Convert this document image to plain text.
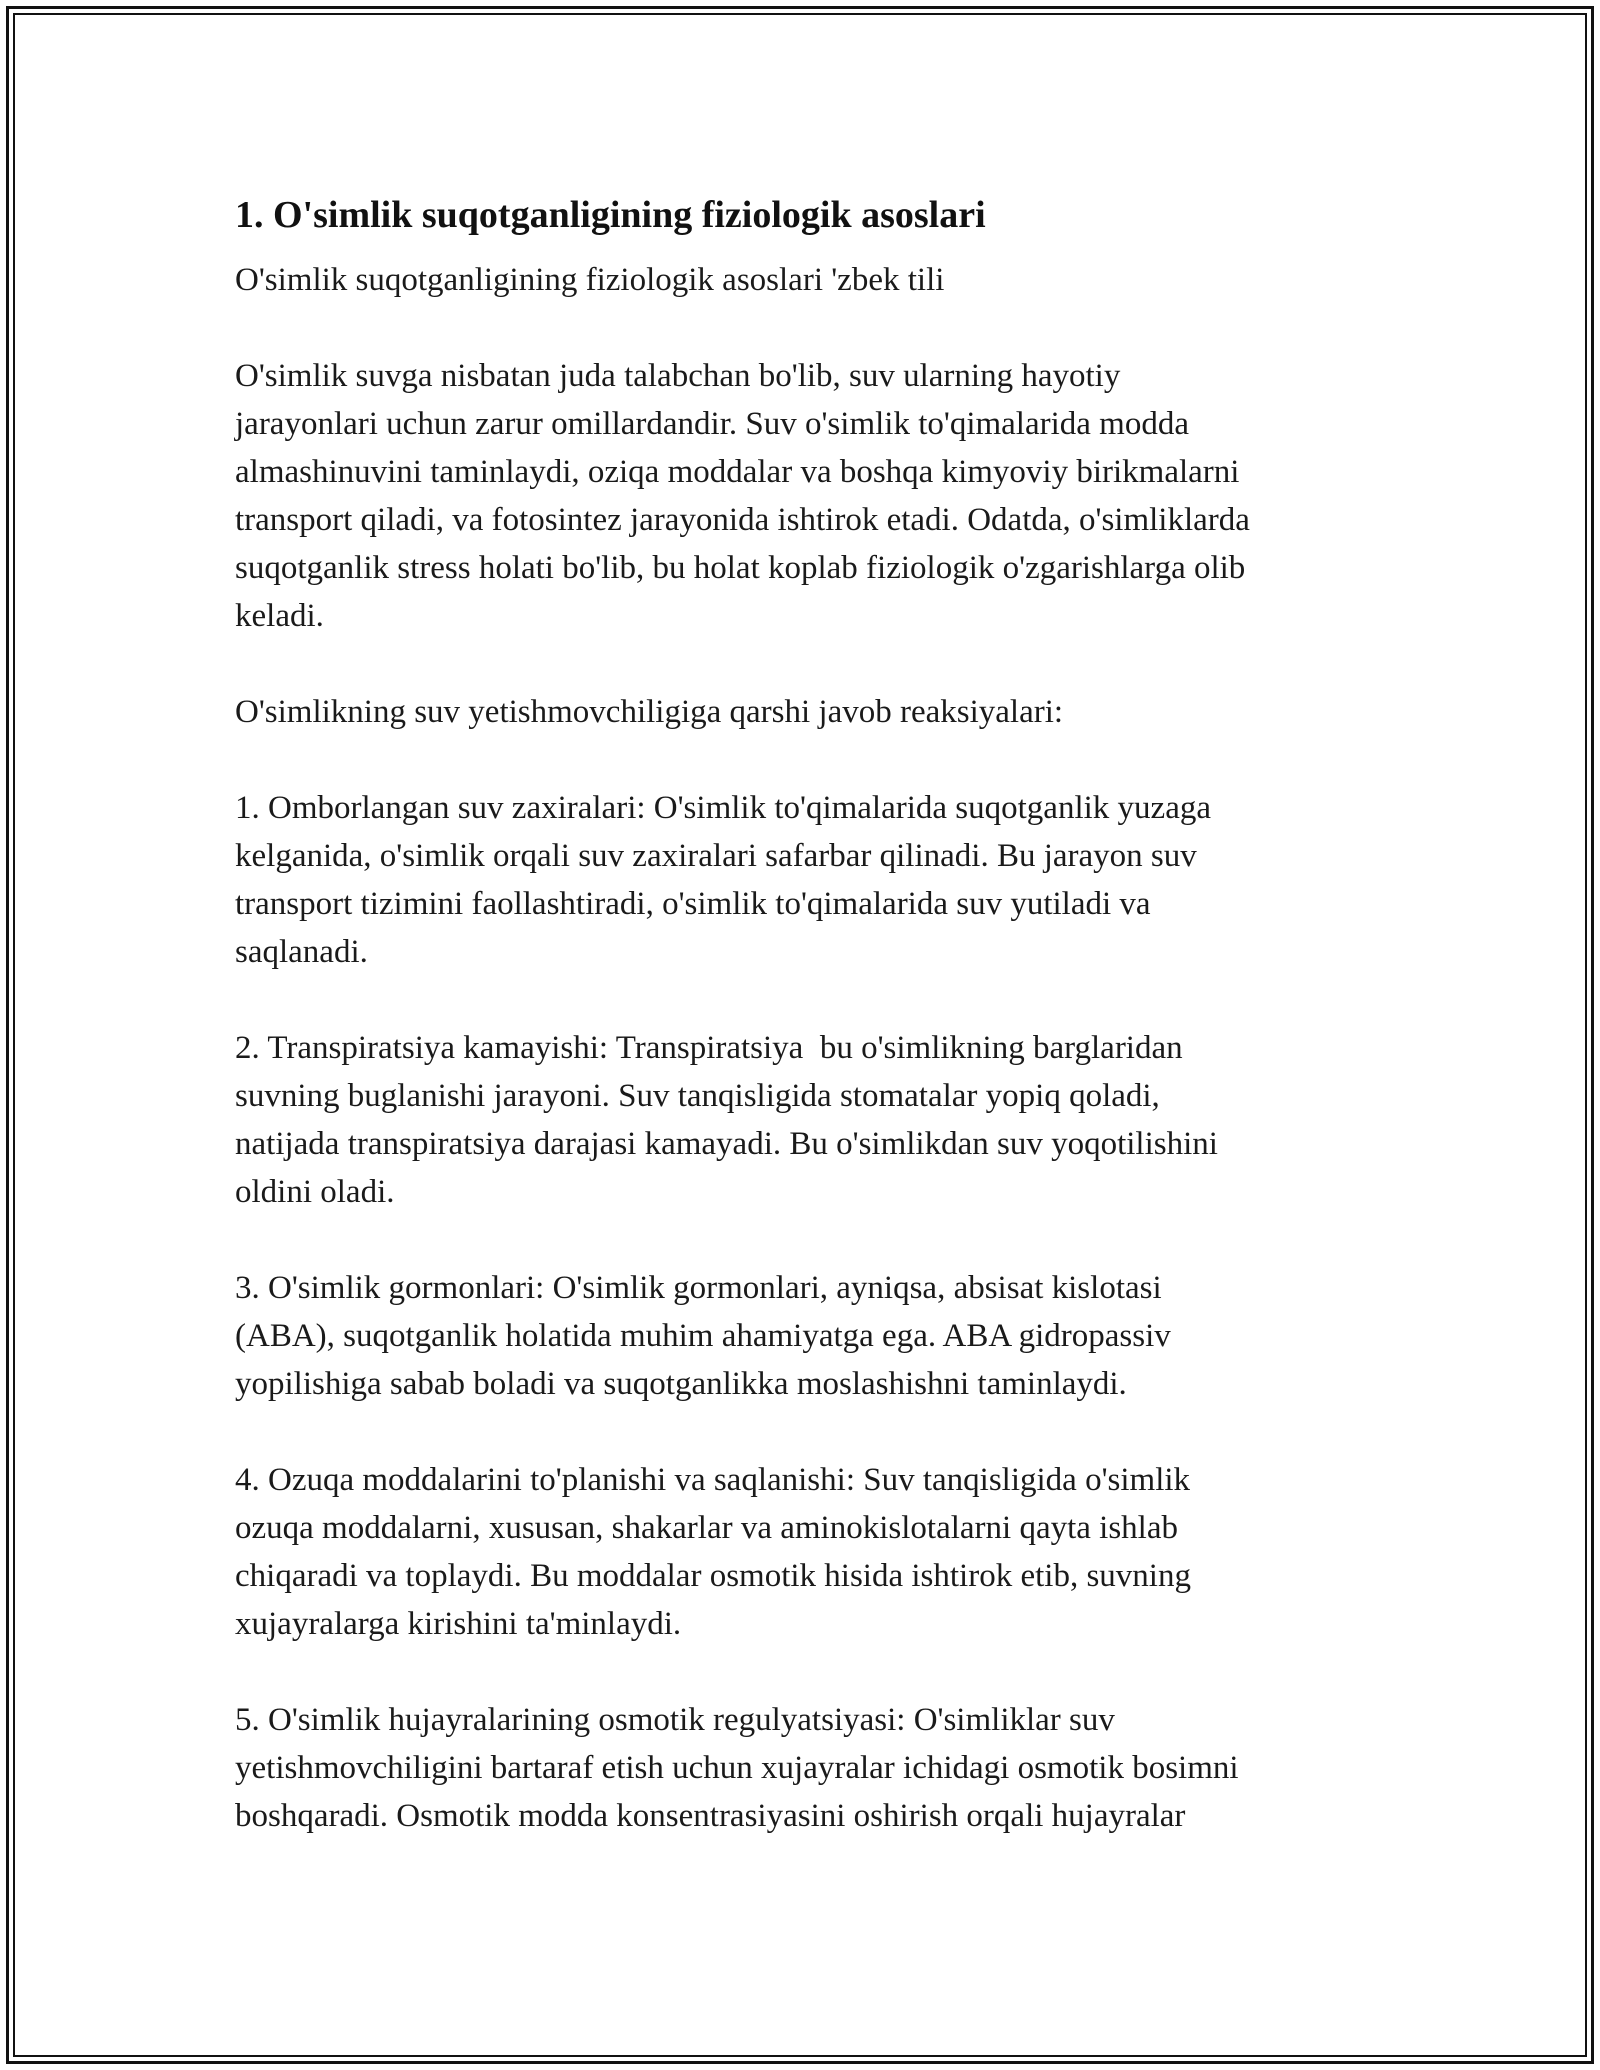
1. O'simlik suqotganligining fiziologik asoslari

O'simlik suqotganligining fiziologik asoslari 'zbek tili

O'simlik suvga nisbatan juda talabchan bo'lib, suv ularning hayotiy
jarayonlari uchun zarur omillardandir. Suv o'simlik to'qimalarida modda
almashinuvini taminlaydi, oziqa moddalar va boshqa kimyoviy birikmalarni
transport qiladi, va fotosintez jarayonida ishtirok etadi. Odatda, o'simliklarda
suqotganlik stress holati bo'lib, bu holat koplab fiziologik o'zgarishlarga olib
keladi.

O'simlikning suv yetishmovchiligiga qarshi javob reaksiyalari:

1. Omborlangan suv zaxiralari: O'simlik to'qimalarida suqotganlik yuzaga
kelganida, o'simlik orqali suv zaxiralari safarbar qilinadi. Bu jarayon suv
transport tizimini faollashtiradi, o'simlik to'qimalarida suv yutiladi va
saqlanadi.

2. Transpiratsiya kamayishi: Transpiratsiya  bu o'simlikning barglaridan
suvning buglanishi jarayoni. Suv tanqisligida stomatalar yopiq qoladi,
natijada transpiratsiya darajasi kamayadi. Bu o'simlikdan suv yoqotilishini
oldini oladi.

3. O'simlik gormonlari: O'simlik gormonlari, ayniqsa, absisat kislotasi
(ABA), suqotganlik holatida muhim ahamiyatga ega. ABA gidropassiv
yopilishiga sabab boladi va suqotganlikka moslashishni taminlaydi.

4. Ozuqa moddalarini to'planishi va saqlanishi: Suv tanqisligida o'simlik
ozuqa moddalarni, xususan, shakarlar va aminokislotalarni qayta ishlab
chiqaradi va toplaydi. Bu moddalar osmotik hisida ishtirok etib, suvning
xujayralarga kirishini ta'minlaydi.

5. O'simlik hujayralarining osmotik regulyatsiyasi: O'simliklar suv
yetishmovchiligini bartaraf etish uchun xujayralar ichidagi osmotik bosimni
boshqaradi. Osmotik modda konsentrasiyasini oshirish orqali hujayralar
